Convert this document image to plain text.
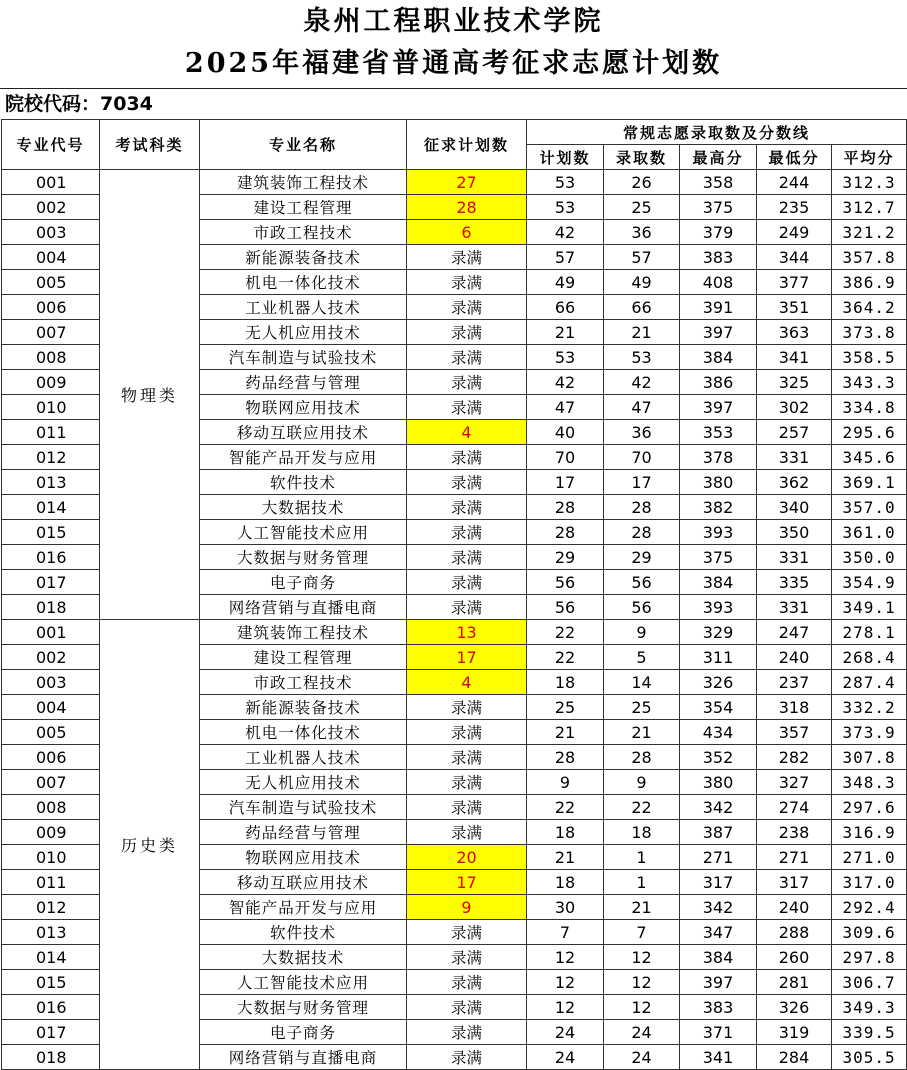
泉州工程职业技术学院
2025年福建省普通高考征求志愿计划数
院校代码：7034
专业代号	考试科类	专业名称	征求计划数	常规志愿录取数及分数线				
				计划数	录取数	最高分	最低分	平均分
001	物理类	建筑装饰工程技术	27	53	26	358	244	312.3
002		建设工程管理	28	53	25	375	235	312.7
003		市政工程技术	6	42	36	379	249	321.2
004		新能源装备技术	录满	57	57	383	344	357.8
005		机电一体化技术	录满	49	49	408	377	386.9
006		工业机器人技术	录满	66	66	391	351	364.2
007		无人机应用技术	录满	21	21	397	363	373.8
008		汽车制造与试验技术	录满	53	53	384	341	358.5
009		药品经营与管理	录满	42	42	386	325	343.3
010		物联网应用技术	录满	47	47	397	302	334.8
011		移动互联应用技术	4	40	36	353	257	295.6
012		智能产品开发与应用	录满	70	70	378	331	345.6
013		软件技术	录满	17	17	380	362	369.1
014		大数据技术	录满	28	28	382	340	357.0
015		人工智能技术应用	录满	28	28	393	350	361.0
016		大数据与财务管理	录满	29	29	375	331	350.0
017		电子商务	录满	56	56	384	335	354.9
018		网络营销与直播电商	录满	56	56	393	331	349.1
001	历史类	建筑装饰工程技术	13	22	9	329	247	278.1
002		建设工程管理	17	22	5	311	240	268.4
003		市政工程技术	4	18	14	326	237	287.4
004		新能源装备技术	录满	25	25	354	318	332.2
005		机电一体化技术	录满	21	21	434	357	373.9
006		工业机器人技术	录满	28	28	352	282	307.8
007		无人机应用技术	录满	9	9	380	327	348.3
008		汽车制造与试验技术	录满	22	22	342	274	297.6
009		药品经营与管理	录满	18	18	387	238	316.9
010		物联网应用技术	20	21	1	271	271	271.0
011		移动互联应用技术	17	18	1	317	317	317.0
012		智能产品开发与应用	9	30	21	342	240	292.4
013		软件技术	录满	7	7	347	288	309.6
014		大数据技术	录满	12	12	384	260	297.8
015		人工智能技术应用	录满	12	12	397	281	306.7
016		大数据与财务管理	录满	12	12	383	326	349.3
017		电子商务	录满	24	24	371	319	339.5
018		网络营销与直播电商	录满	24	24	341	284	305.5
